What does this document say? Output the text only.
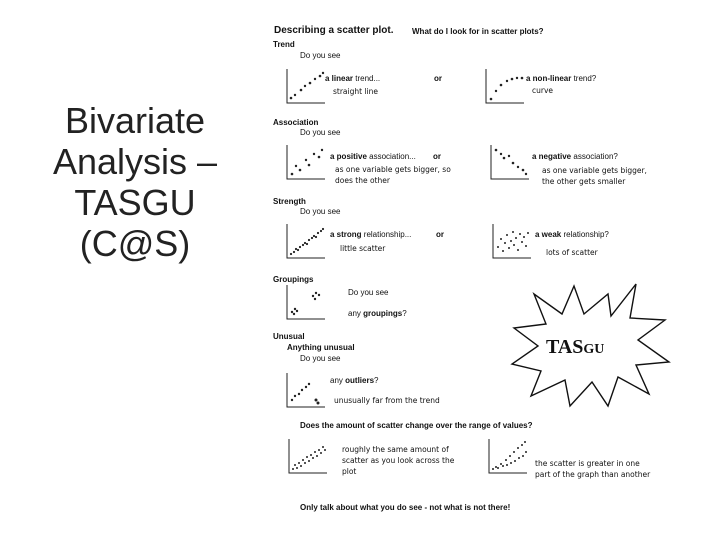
Bivariate
Analysis –
TASGU
(C@S)
Describing a scatter plot. What do I look for in scatter plots?
Trend
Do you see
a linear trend...
straight line
or	a non-linear trend?
curve
Association
Do you see
a positive association...
as one variable gets bigger, so
does the other
or	a negative association?
as one variable gets bigger,
the other gets smaller
Strength
Do you see
a strong relationship...
little scatter
or	a weak relationship?
lots of scatter
Groupings
Do you see
any groupings?
Unusual
Anything unusual
Do you see
any outliers?
unusually far from the trend
Does the amount of scatter change over the range of values?
roughly the same amount of
scatter as you look across the
plot
the scatter is greater in one
part of the graph than another
Only talk about what you do see - not what is not there!
TASGU
